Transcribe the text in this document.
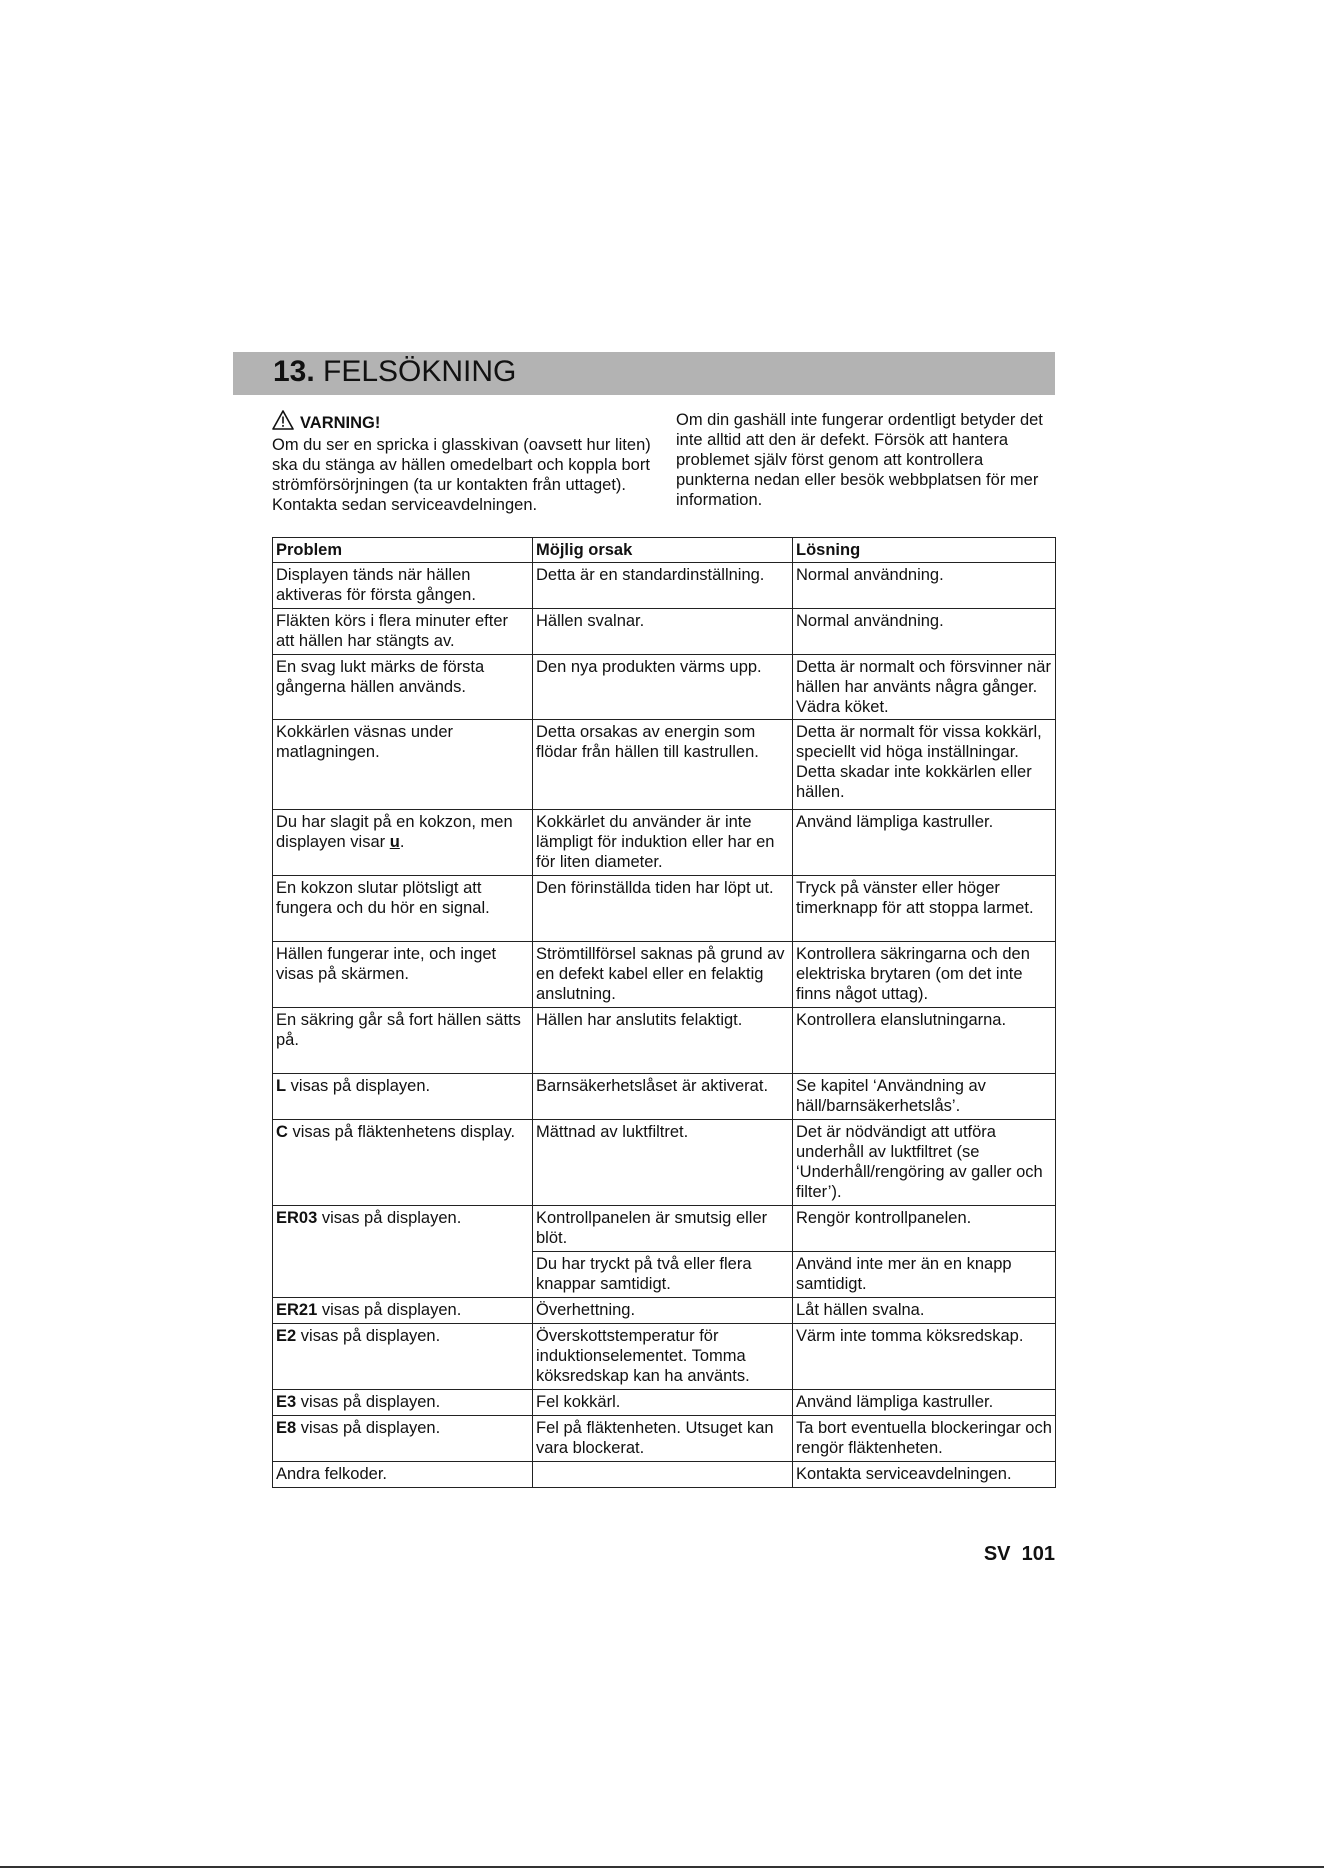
13. FELSÖKNING
VARNING!

Om du ser en spricka i glasskivan (oavsett hur liten) ska du stänga av hällen omedelbart och koppla bort strömförsörjningen (ta ur kontakten från uttaget).

Kontakta sedan serviceavdelningen.

Om din gashäll inte fungerar ordentligt betyder det inte alltid att den är defekt. Försök att hantera problemet själv först genom att kontrollera punkterna nedan eller besök webbplatsen för mer information.

Problem	Möjlig orsak	Lösning
Displayen tänds när hällen aktiveras för första gången.	Detta är en standardinställning.	Normal användning.
Fläkten körs i flera minuter efter att hällen har stängts av.	Hällen svalnar.	Normal användning.
En svag lukt märks de första gångerna hällen används.	Den nya produkten värms upp.	Detta är normalt och försvinner när hällen har använts några gånger. Vädra köket.
Kokkärlen väsnas under matlagningen.	Detta orsakas av energin som flödar från hällen till kastrullen.	Detta är normalt för vissa kokkärl, speciellt vid höga inställningar. Detta skadar inte kokkärlen eller hällen.
Du har slagit på en kokzon, men displayen visar u.	Kokkärlet du använder är inte lämpligt för induktion eller har en för liten diameter.	Använd lämpliga kastruller.
En kokzon slutar plötsligt att fungera och du hör en signal.	Den förinställda tiden har löpt ut.	Tryck på vänster eller höger timerknapp för att stoppa larmet.
Hällen fungerar inte, och inget visas på skärmen.	Strömtillförsel saknas på grund av en defekt kabel eller en felaktig anslutning.	Kontrollera säkringarna och den elektriska brytaren (om det inte finns något uttag).
En säkring går så fort hällen sätts på.	Hällen har anslutits felaktigt.	Kontrollera elanslutningarna.
L visas på displayen.	Barnsäkerhetslåset är aktiverat.	Se kapitel ‘Användning av häll/barnsäkerhetslås’.
C visas på fläktenhetens display.	Mättnad av luktfiltret.	Det är nödvändigt att utföra underhåll av luktfiltret (se ‘Underhåll/rengöring av galler och filter’).
ER03 visas på displayen.	Kontrollpanelen är smutsig eller blöt.	Rengör kontrollpanelen.
	Du har tryckt på två eller flera knappar samtidigt.	Använd inte mer än en knapp samtidigt.
ER21 visas på displayen.	Överhettning.	Låt hällen svalna.
E2 visas på displayen.	Överskottstemperatur för induktionselementet. Tomma köksredskap kan ha använts.	Värm inte tomma köksredskap.
E3 visas på displayen.	Fel kokkärl.	Använd lämpliga kastruller.
E8 visas på displayen.	Fel på fläktenheten. Utsuget kan vara blockerat.	Ta bort eventuella blockeringar och rengör fläktenheten.
Andra felkoder.		Kontakta serviceavdelningen.
SV 101
